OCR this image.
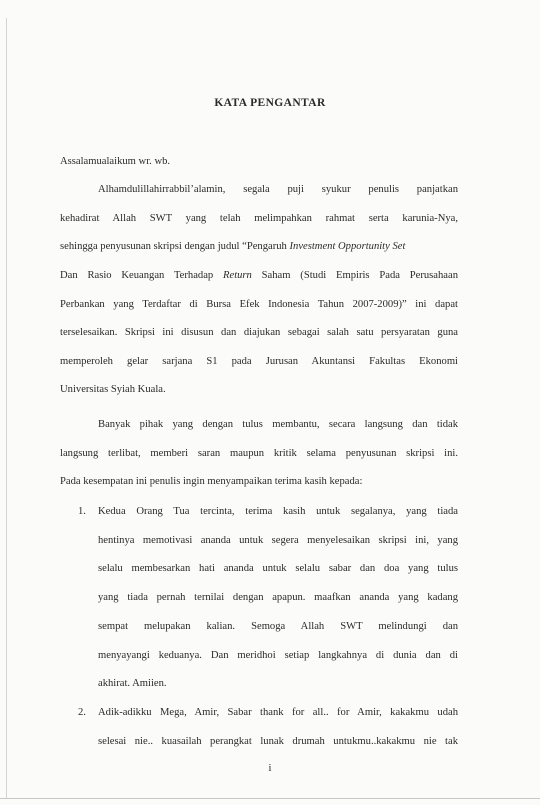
KATA PENGANTAR
Assalamualaikum wr. wb.
Alhamdulillahirrabbil’alamin, segala puji syukur penulis panjatkan
kehadirat Allah SWT yang telah melimpahkan rahmat serta karunia-Nya,
sehingga penyusunan skripsi dengan judul “Pengaruh Investment Opportunity Set
Dan Rasio Keuangan Terhadap Return Saham (Studi Empiris Pada Perusahaan
Perbankan yang Terdaftar di Bursa Efek Indonesia Tahun 2007-2009)” ini dapat
terselesaikan. Skripsi ini disusun dan diajukan sebagai salah satu persyaratan guna
memperoleh gelar sarjana S1 pada Jurusan Akuntansi Fakultas Ekonomi
Universitas Syiah Kuala.
Banyak pihak yang dengan tulus membantu, secara langsung dan tidak
langsung terlibat, memberi saran maupun kritik selama penyusunan skripsi ini.
Pada kesempatan ini penulis ingin menyampaikan terima kasih kepada:
1. Kedua Orang Tua tercinta, terima kasih untuk segalanya, yang tiada
hentinya memotivasi ananda untuk segera menyelesaikan skripsi ini, yang
selalu membesarkan hati ananda untuk selalu sabar dan doa yang tulus
yang tiada pernah ternilai dengan apapun. maafkan ananda yang kadang
sempat melupakan kalian. Semoga Allah SWT melindungi dan
menyayangi keduanya. Dan meridhoi setiap langkahnya di dunia dan di
akhirat. Amiien.
2. Adik-adikku Mega, Amir, Sabar thank for all.. for Amir, kakakmu udah
selesai nie.. kuasailah perangkat lunak drumah untukmu..kakakmu nie tak
i
